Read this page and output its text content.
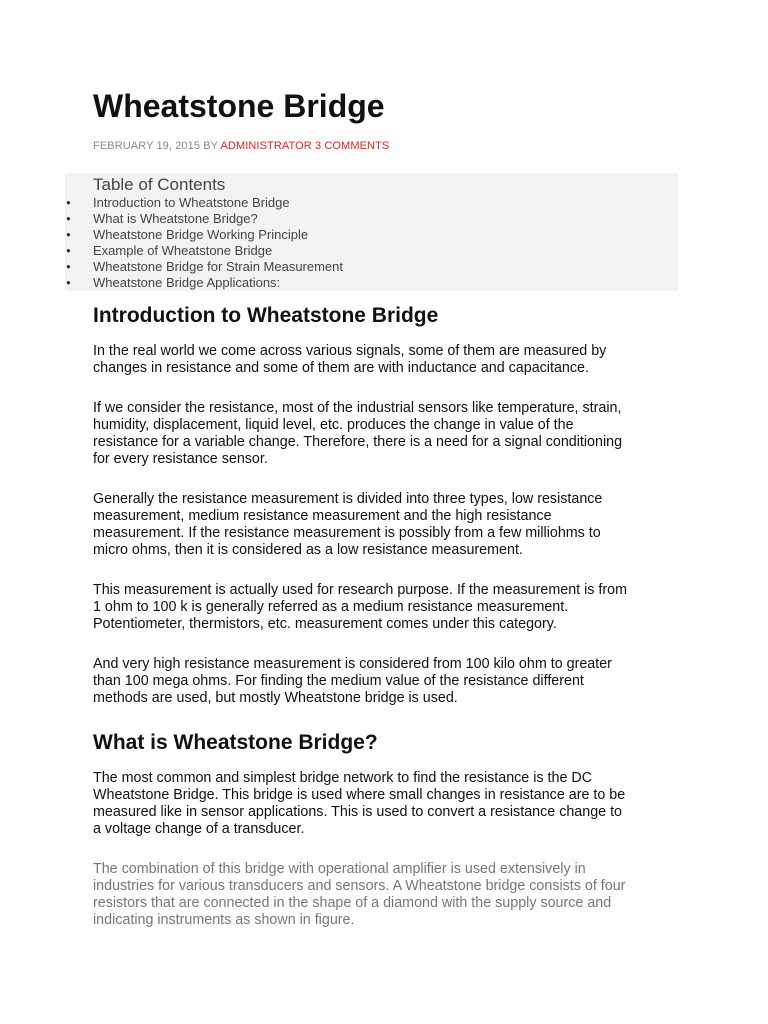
Wheatstone Bridge
FEBRUARY 19, 2015 BY ADMINISTRATOR 3 COMMENTS
Table of Contents
● Introduction to Wheatstone Bridge
● What is Wheatstone Bridge?
● Wheatstone Bridge Working Principle
● Example of Wheatstone Bridge
● Wheatstone Bridge for Strain Measurement
● Wheatstone Bridge Applications:
Introduction to Wheatstone Bridge

In the real world we come across various signals, some of them are measured by
changes in resistance and some of them are with inductance and capacitance.

If we consider the resistance, most of the industrial sensors like temperature, strain,
humidity, displacement, liquid level, etc. produces the change in value of the
resistance for a variable change. Therefore, there is a need for a signal conditioning
for every resistance sensor.

Generally the resistance measurement is divided into three types, low resistance
measurement, medium resistance measurement and the high resistance
measurement. If the resistance measurement is possibly from a few milliohms to
micro ohms, then it is considered as a low resistance measurement.

This measurement is actually used for research purpose. If the measurement is from
1 ohm to 100 k is generally referred as a medium resistance measurement.
Potentiometer, thermistors, etc. measurement comes under this category.

And very high resistance measurement is considered from 100 kilo ohm to greater
than 100 mega ohms. For finding the medium value of the resistance different
methods are used, but mostly Wheatstone bridge is used.

What is Wheatstone Bridge?

The most common and simplest bridge network to find the resistance is the DC
Wheatstone Bridge. This bridge is used where small changes in resistance are to be
measured like in sensor applications. This is used to convert a resistance change to
a voltage change of a transducer.

The combination of this bridge with operational amplifier is used extensively in
industries for various transducers and sensors. A Wheatstone bridge consists of four
resistors that are connected in the shape of a diamond with the supply source and
indicating instruments as shown in figure.
